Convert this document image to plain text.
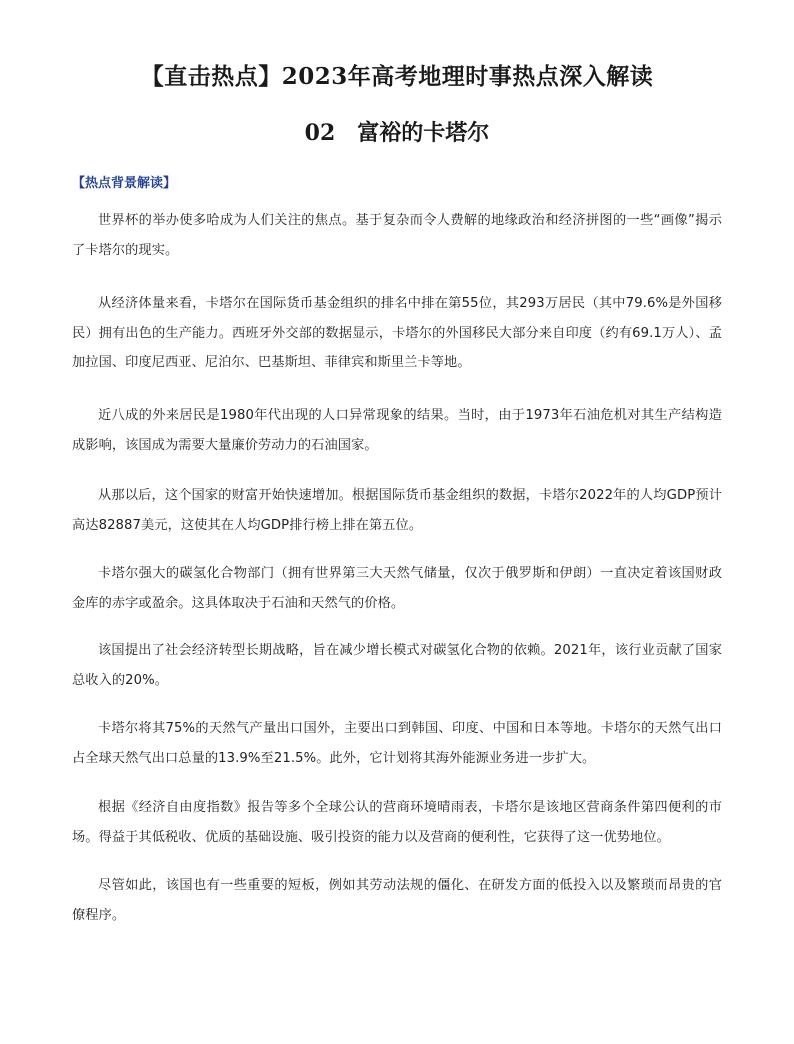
【直击热点】2023年高考地理时事热点深入解读
02 富裕的卡塔尔
【热点背景解读】

世界杯的举办使多哈成为人们关注的焦点。基于复杂而令人费解的地缘政治和经济拼图的一些“画像”揭示了卡塔尔的现实。

从经济体量来看，卡塔尔在国际货币基金组织的排名中排在第55位，其293万居民（其中79.6%是外国移民）拥有出色的生产能力。西班牙外交部的数据显示，卡塔尔的外国移民大部分来自印度（约有69.1万人）、孟加拉国、印度尼西亚、尼泊尔、巴基斯坦、菲律宾和斯里兰卡等地。

近八成的外来居民是1980年代出现的人口异常现象的结果。当时，由于1973年石油危机对其生产结构造成影响，该国成为需要大量廉价劳动力的石油国家。

从那以后，这个国家的财富开始快速增加。根据国际货币基金组织的数据，卡塔尔2022年的人均GDP预计高达82887美元，这使其在人均GDP排行榜上排在第五位。

卡塔尔强大的碳氢化合物部门（拥有世界第三大天然气储量，仅次于俄罗斯和伊朗）一直决定着该国财政金库的赤字或盈余。这具体取决于石油和天然气的价格。

该国提出了社会经济转型长期战略，旨在减少增长模式对碳氢化合物的依赖。2021年，该行业贡献了国家总收入的20%。

卡塔尔将其75%的天然气产量出口国外，主要出口到韩国、印度、中国和日本等地。卡塔尔的天然气出口占全球天然气出口总量的13.9%至21.5%。此外，它计划将其海外能源业务进一步扩大。

根据《经济自由度指数》报告等多个全球公认的营商环境晴雨表，卡塔尔是该地区营商条件第四便利的市场。得益于其低税收、优质的基础设施、吸引投资的能力以及营商的便利性，它获得了这一优势地位。

尽管如此，该国也有一些重要的短板，例如其劳动法规的僵化、在研发方面的低投入以及繁琐而昂贵的官僚程序。
